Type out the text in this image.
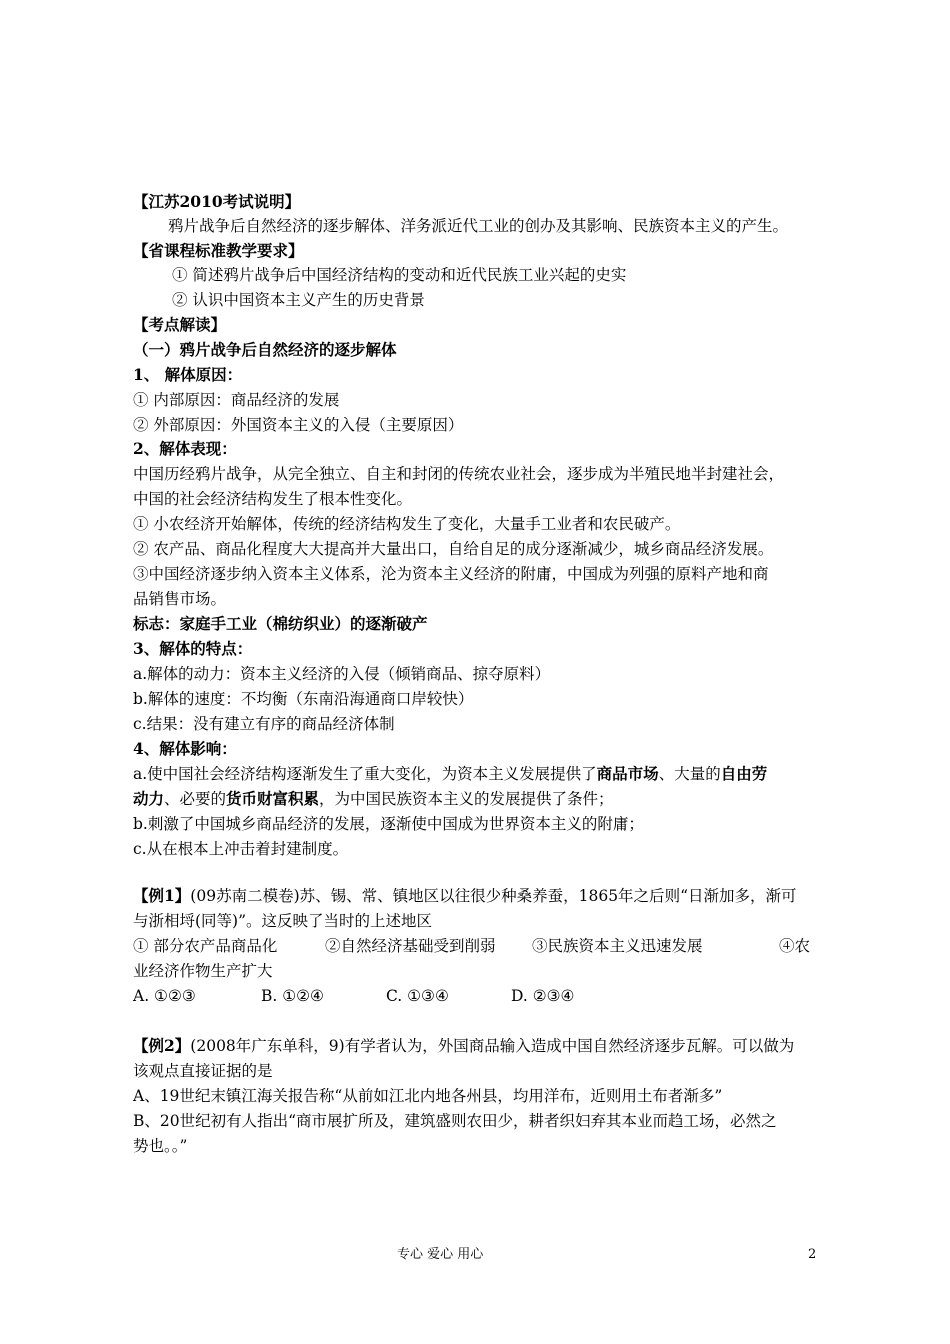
【江苏2010考试说明】
鸦片战争后自然经济的逐步解体、洋务派近代工业的创办及其影响、民族资本主义的产生。
【省课程标准教学要求】
① 简述鸦片战争后中国经济结构的变动和近代民族工业兴起的史实
② 认识中国资本主义产生的历史背景
【考点解读】
（一）鸦片战争后自然经济的逐步解体
1、 解体原因：
① 内部原因：商品经济的发展
② 外部原因：外国资本主义的入侵（主要原因）
2、解体表现：
中国历经鸦片战争，从完全独立、自主和封闭的传统农业社会，逐步成为半殖民地半封建社会，
中国的社会经济结构发生了根本性变化。
① 小农经济开始解体，传统的经济结构发生了变化，大量手工业者和农民破产。
② 农产品、商品化程度大大提高并大量出口，自给自足的成分逐渐减少，城乡商品经济发展。
③中国经济逐步纳入资本主义体系，沦为资本主义经济的附庸，中国成为列强的原料产地和商
品销售市场。
标志：家庭手工业（棉纺织业）的逐渐破产
3、解体的特点：
a.解体的动力：资本主义经济的入侵（倾销商品、掠夺原料）
b.解体的速度：不均衡（东南沿海通商口岸较快）
c.结果：没有建立有序的商品经济体制
4、解体影响：
a.使中国社会经济结构逐渐发生了重大变化，为资本主义发展提供了商品市场、大量的自由劳
动力、必要的货币财富积累，为中国民族资本主义的发展提供了条件；
b.刺激了中国城乡商品经济的发展，逐渐使中国成为世界资本主义的附庸；
c.从在根本上冲击着封建制度。
【例1】(09苏南二模卷)苏、锡、常、镇地区以往很少种桑养蚕，1865年之后则“日渐加多，渐可
与浙相埒(同等)”。这反映了当时的上述地区
业经济作物生产扩大
【例2】(2008年广东单科，9)有学者认为，外国商品输入造成中国自然经济逐步瓦解。可以做为
该观点直接证据的是
A、19世纪末镇江海关报告称“从前如江北内地各州县，均用洋布，近则用土布者渐多”
B、20世纪初有人指出“商市展扩所及，建筑盛则农田少，耕者织妇弃其本业而趋工场，必然之
势也。。”
① 部分农产品商品化	②自然经济基础受到削弱 ③民族资本主义迅速发展	④农
A. ①②③	B. ①②④	C. ①③④	D. ②③④
专心 爱心 用心	2
